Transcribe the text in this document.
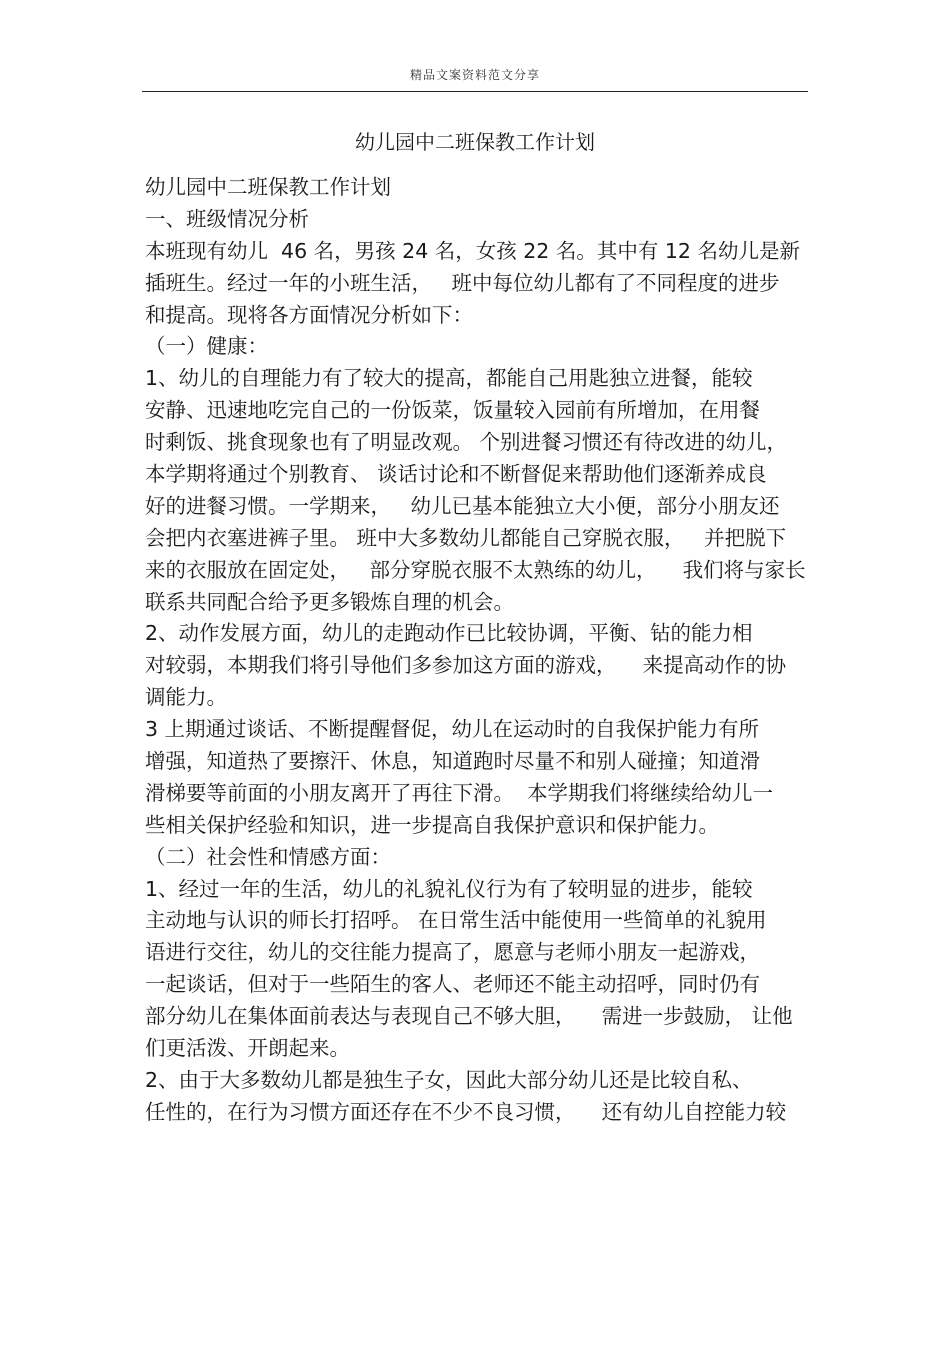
精品文案资料范文分享
幼儿园中二班保教工作计划
幼儿园中二班保教工作计划
一、班级情况分析
本班现有幼儿  46 名，男孩 24 名，女孩 22 名。其中有 12 名幼儿是新
插班生。经过一年的小班生活，   班中每位幼儿都有了不同程度的进步
和提高。现将各方面情况分析如下：
（一）健康：
1、幼儿的自理能力有了较大的提高，都能自己用匙独立进餐，能较
安静、迅速地吃完自己的一份饭菜，饭量较入园前有所增加，在用餐
时剩饭、挑食现象也有了明显改观。 个别进餐习惯还有待改进的幼儿，
本学期将通过个别教育、 谈话讨论和不断督促来帮助他们逐渐养成良
好的进餐习惯。一学期来，   幼儿已基本能独立大小便，部分小朋友还
会把内衣塞进裤子里。 班中大多数幼儿都能自己穿脱衣服，   并把脱下
来的衣服放在固定处，   部分穿脱衣服不太熟练的幼儿，    我们将与家长
联系共同配合给予更多锻炼自理的机会。
2、动作发展方面，幼儿的走跑动作已比较协调，平衡、钻的能力相
对较弱，本期我们将引导他们多参加这方面的游戏，    来提高动作的协
调能力。
3 上期通过谈话、不断提醒督促，幼儿在运动时的自我保护能力有所
增强，知道热了要擦汗、休息，知道跑时尽量不和别人碰撞；知道滑
滑梯要等前面的小朋友离开了再往下滑。  本学期我们将继续给幼儿一
些相关保护经验和知识，进一步提高自我保护意识和保护能力。
（二）社会性和情感方面：
1、经过一年的生活，幼儿的礼貌礼仪行为有了较明显的进步，能较
主动地与认识的师长打招呼。 在日常生活中能使用一些简单的礼貌用
语进行交往，幼儿的交往能力提高了，愿意与老师小朋友一起游戏，
一起谈话，但对于一些陌生的客人、老师还不能主动招呼，同时仍有
部分幼儿在集体面前表达与表现自己不够大胆，    需进一步鼓励， 让他
们更活泼、开朗起来。
2、由于大多数幼儿都是独生子女，因此大部分幼儿还是比较自私、
任性的，在行为习惯方面还存在不少不良习惯，    还有幼儿自控能力较
